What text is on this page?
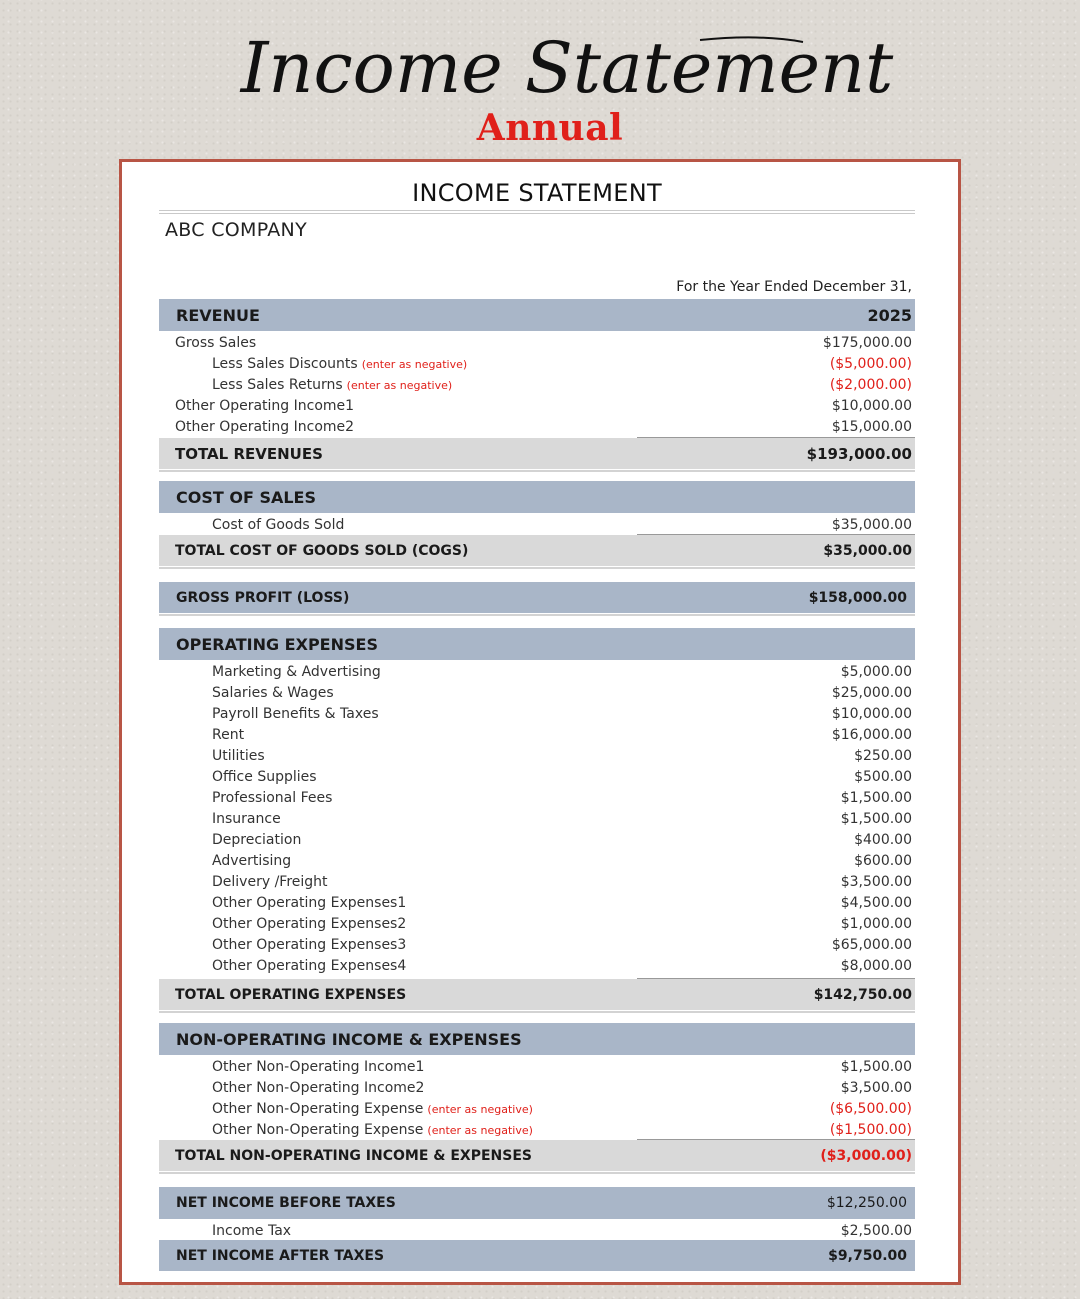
Income Statement
Annual
INCOME STATEMENT
ABC COMPANY
For the Year Ended December 31,
REVENUE	2025
Gross Sales	$175,000.00
Less Sales Discounts (enter as negative)	($5,000.00)
Less Sales Returns (enter as negative)	($2,000.00)
Other Operating Income1	$10,000.00
Other Operating Income2	$15,000.00
TOTAL REVENUES	$193,000.00
COST OF SALES
Cost of Goods Sold	$35,000.00
TOTAL COST OF GOODS SOLD (COGS)	$35,000.00
GROSS PROFIT (LOSS)	$158,000.00
OPERATING EXPENSES
Marketing & Advertising	$5,000.00
Salaries & Wages	$25,000.00
Payroll Benefits & Taxes	$10,000.00
Rent	$16,000.00
Utilities	$250.00
Office Supplies	$500.00
Professional Fees	$1,500.00
Insurance	$1,500.00
Depreciation	$400.00
Advertising	$600.00
Delivery /Freight	$3,500.00
Other Operating Expenses1	$4,500.00
Other Operating Expenses2	$1,000.00
Other Operating Expenses3	$65,000.00
Other Operating Expenses4	$8,000.00
TOTAL OPERATING EXPENSES	$142,750.00
NON-OPERATING INCOME & EXPENSES
Other Non-Operating Income1	$1,500.00
Other Non-Operating Income2	$3,500.00
Other Non-Operating Expense (enter as negative)	($6,500.00)
Other Non-Operating Expense (enter as negative)	($1,500.00)
TOTAL NON-OPERATING INCOME & EXPENSES	($3,000.00)
NET INCOME BEFORE TAXES	$12,250.00
Income Tax	$2,500.00
NET INCOME AFTER TAXES	$9,750.00
